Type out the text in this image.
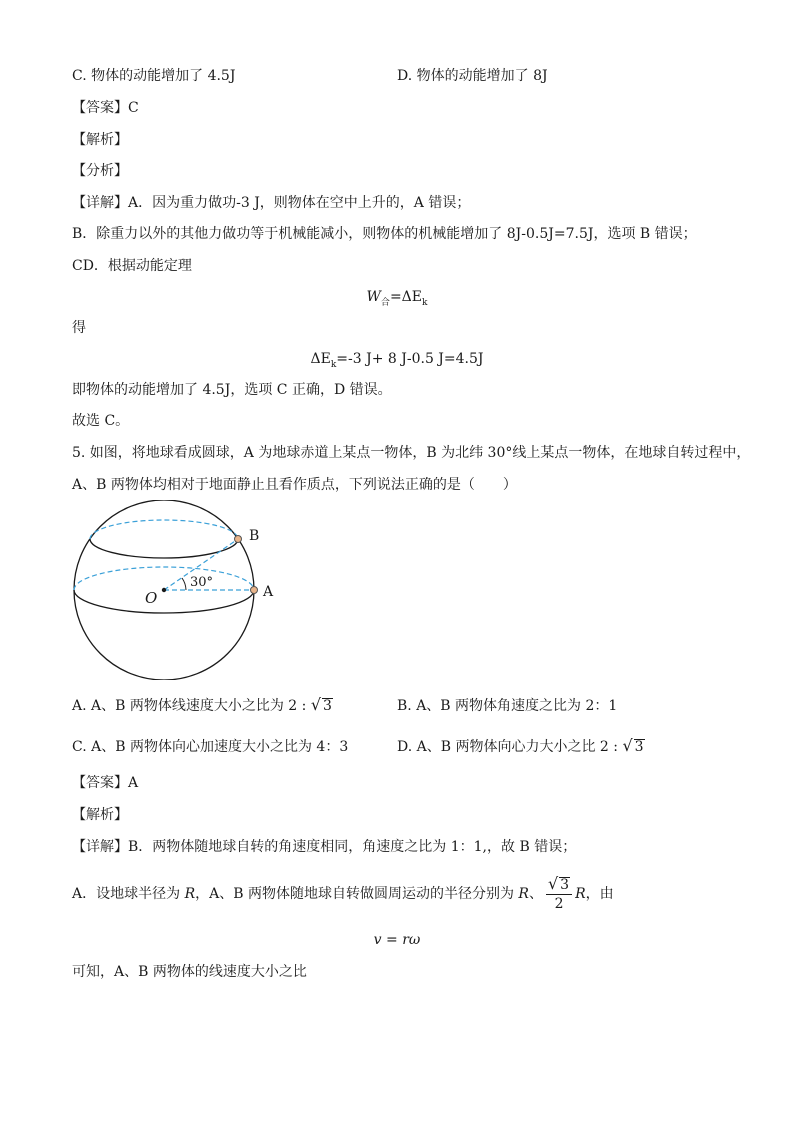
C. 物体的动能增加了 4.5J	D. 物体的动能增加了 8J
【答案】C
【解析】
【分析】
【详解】A．因为重力做功-3 J，则物体在空中上升的，A 错误；
B．除重力以外的其他力做功等于机械能减小，则物体的机械能增加了 8J-0.5J=7.5J，选项 B 错误；
CD．根据动能定理
$W_合=\Delta E_k$
得
$\Delta E_k=-3$ J+ 8 J-0.5 J=4.5J
即物体的动能增加了 4.5J，选项 C 正确，D 错误。
故选 C。
5. 如图，将地球看成圆球，A 为地球赤道上某点一物体，B 为北纬 30°线上某点一物体，在地球自转过程中，
A、B 两物体均相对于地面静止且看作质点，下列说法正确的是（　　）
B
A
O
30°
A. A、B 两物体线速度大小之比为 2 : √ 3	B. A、B 两物体角速度之比为 2：1
C. A、B 两物体向心加速度大小之比为 4：3	D. A、B 两物体向心力大小之比 2 : √ 3
【答案】A
【解析】
【详解】B．两物体随地球自转的角速度相同，角速度之比为 1：1,，故 B 错误；
A．设地球半径为 R，A、B 两物体随地球自转做圆周运动的半径分别为 R、 $\frac{√ 3}{2}$ R，由
v = rω
可知，A、B 两物体的线速度大小之比
